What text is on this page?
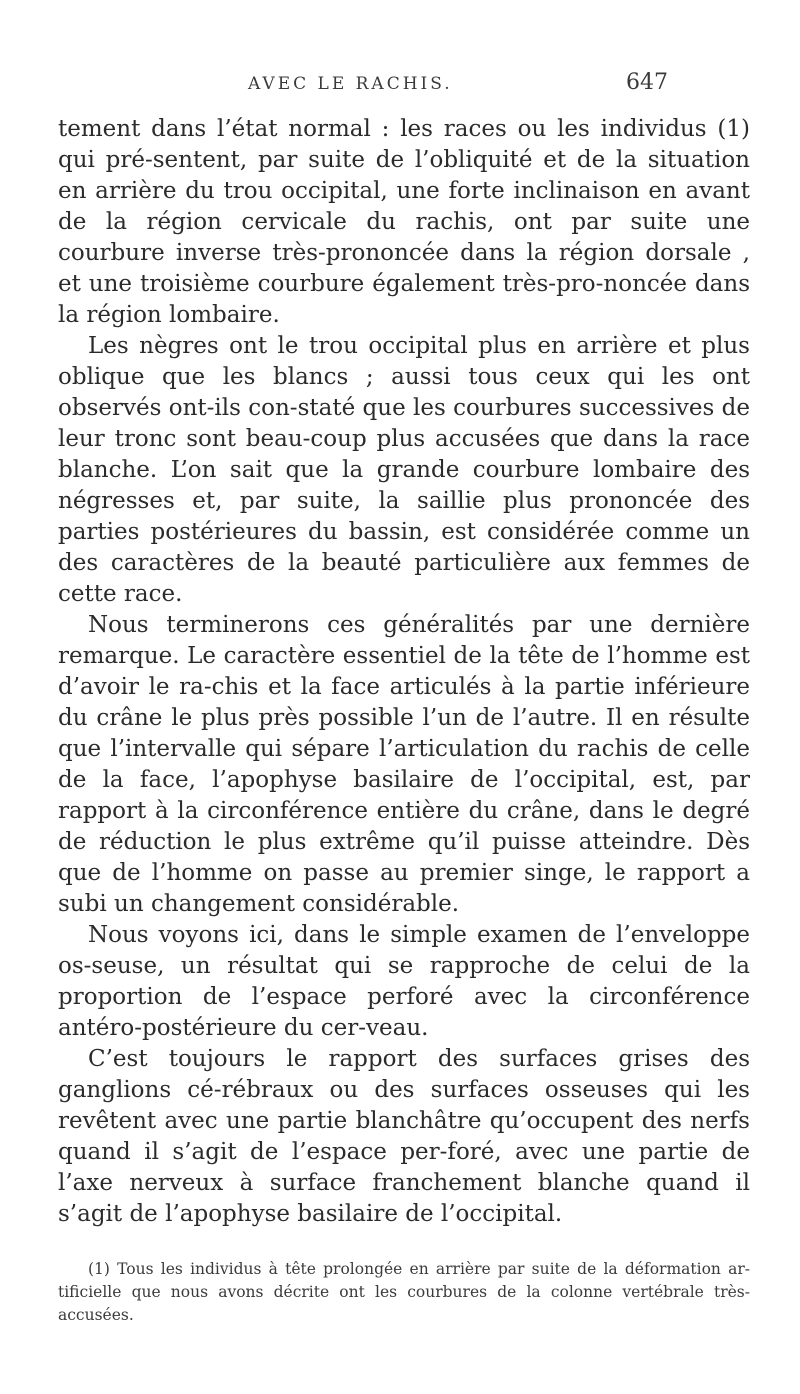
AVEC LE RACHIS.	647

tement dans l’état normal : les races ou les individus (1) qui pré-sentent, par suite de l’obliquité et de la situation en arrière du trou occipital, une forte inclinaison en avant de la région cervicale du rachis, ont par suite une courbure inverse très-prononcée dans la région dorsale , et une troisième courbure également très-pro-noncée dans la région lombaire.

Les nègres ont le trou occipital plus en arrière et plus oblique que les blancs ; aussi tous ceux qui les ont observés ont-ils con-staté que les courbures successives de leur tronc sont beau-coup plus accusées que dans la race blanche. L’on sait que la grande courbure lombaire des négresses et, par suite, la saillie plus prononcée des parties postérieures du bassin, est considérée comme un des caractères de la beauté particulière aux femmes de cette race.

Nous terminerons ces généralités par une dernière remarque. Le caractère essentiel de la tête de l’homme est d’avoir le ra-chis et la face articulés à la partie inférieure du crâne le plus près possible l’un de l’autre. Il en résulte que l’intervalle qui sépare l’articulation du rachis de celle de la face, l’apophyse basilaire de l’occipital, est, par rapport à la circonférence entière du crâne, dans le degré de réduction le plus extrême qu’il puisse atteindre. Dès que de l’homme on passe au premier singe, le rapport a subi un changement considérable.

Nous voyons ici, dans le simple examen de l’enveloppe os-seuse, un résultat qui se rapproche de celui de la proportion de l’espace perforé avec la circonférence antéro-postérieure du cer-veau.

C’est toujours le rapport des surfaces grises des ganglions cé-rébraux ou des surfaces osseuses qui les revêtent avec une partie blanchâtre qu’occupent des nerfs quand il s’agit de l’espace per-foré, avec une partie de l’axe nerveux à surface franchement blanche quand il s’agit de l’apophyse basilaire de l’occipital.

(1) Tous les individus à tête prolongée en arrière par suite de la déformation ar-tificielle que nous avons décrite ont les courbures de la colonne vertébrale très-accusées.
